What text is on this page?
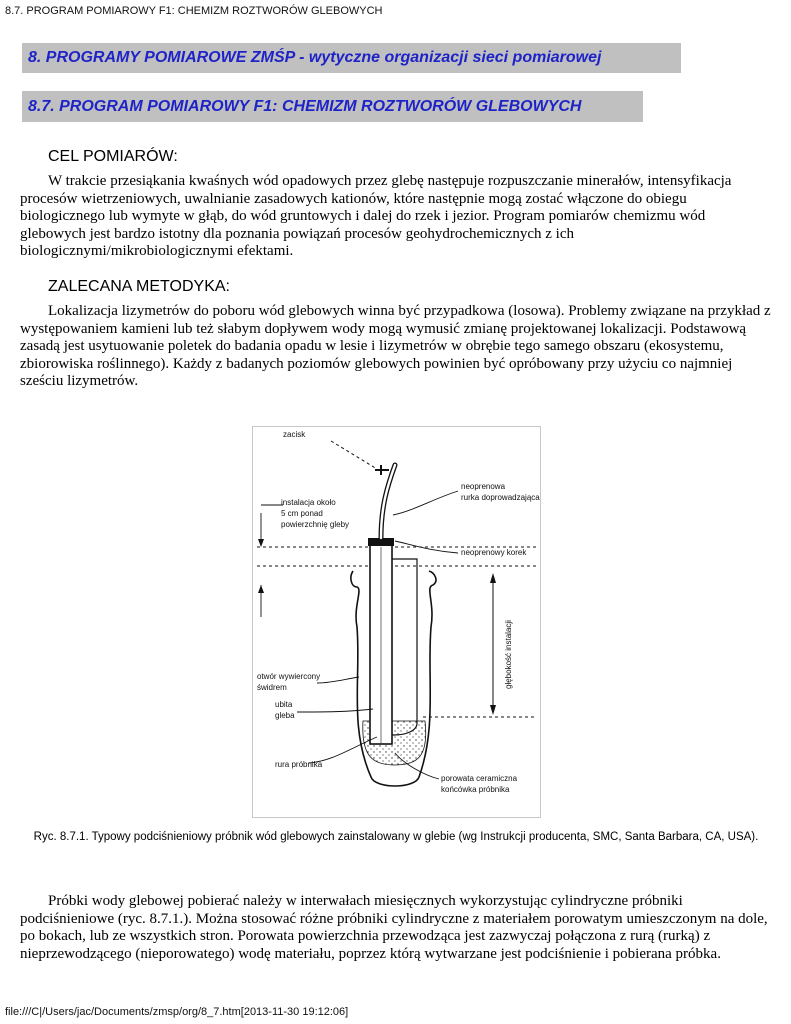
8.7. PROGRAM POMIAROWY F1: CHEMIZM ROZTWORÓW GLEBOWYCH
8. PROGRAMY POMIAROWE ZMŚP - wytyczne organizacji sieci pomiarowej
8.7. PROGRAM POMIAROWY F1: CHEMIZM ROZTWORÓW GLEBOWYCH
CEL POMIARÓW:

W trakcie przesiąkania kwaśnych wód opadowych przez glebę następuje rozpuszczanie minerałów, intensyfikacja procesów wietrzeniowych, uwalnianie zasadowych kationów, które następnie mogą zostać włączone do obiegu biologicznego lub wymyte w głąb, do wód gruntowych i dalej do rzek i jezior. Program pomiarów chemizmu wód glebowych jest bardzo istotny dla poznania powiązań procesów geohydrochemicznych z ich biologicznymi/mikrobiologicznymi efektami.

ZALECANA METODYKA:

Lokalizacja lizymetrów do poboru wód glebowych winna być przypadkowa (losowa). Problemy związane na przykład z występowaniem kamieni lub też słabym dopływem wody mogą wymusić zmianę projektowanej lokalizacji. Podstawową zasadą jest usytuowanie poletek do badania opadu w lesie i lizymetrów w obrębie tego samego obszaru (ekosystemu, zbiorowiska roślinnego). Każdy z badanych poziomów glebowych powinien być opróbowany przy użyciu co najmniej sześciu lizymetrów.

zacisk
neoprenowa
rurka doprowadzająca
instalacja około
5 cm ponad
powierzchnię gleby
neoprenowy korek
głębokość instalacji
otwór wywiercony
świdrem
ubita
gleba
rura próbnika
porowata ceramiczna
końcówka próbnika

Ryc. 8.7.1. Typowy podciśnieniowy próbnik wód glebowych zainstalowany w glebie (wg Instrukcji producenta, SMC, Santa Barbara, CA, USA).

Próbki wody glebowej pobierać należy w interwałach miesięcznych wykorzystując cylindryczne próbniki podciśnieniowe (ryc. 8.7.1.). Można stosować różne próbniki cylindryczne z materiałem porowatym umieszczonym na dole, po bokach, lub ze wszystkich stron. Porowata powierzchnia przewodząca jest zazwyczaj połączona z rurą (rurką) z nieprzewodzącego (nieporowatego) wodę materiału, poprzez którą wytwarzane jest podciśnienie i pobierana próbka.

file:///C|/Users/jac/Documents/zmsp/org/8_7.htm[2013-11-30 19:12:06]
